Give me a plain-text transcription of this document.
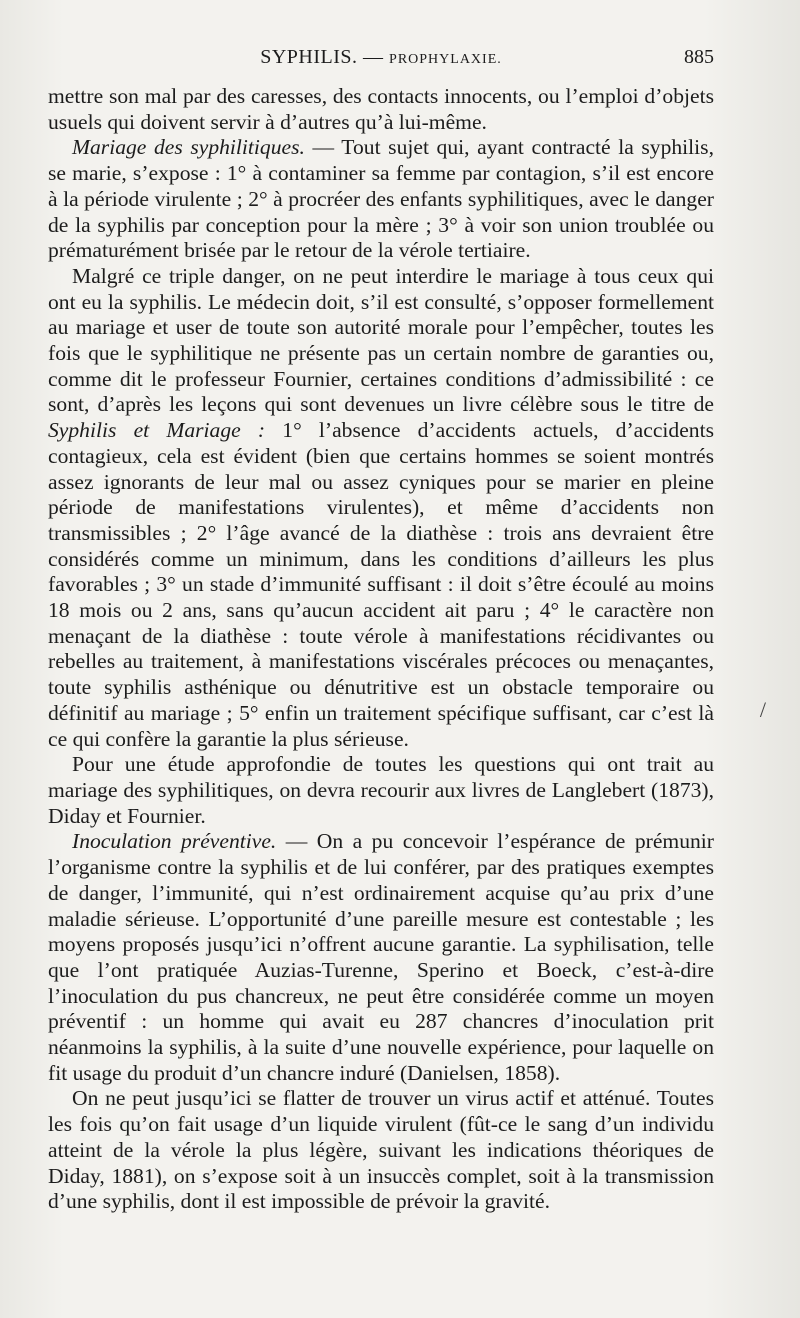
SYPHILIS. — PROPHYLAXIE.	885

mettre son mal par des caresses, des contacts innocents, ou l’emploi d’objets usuels qui doivent servir à d’autres qu’à lui-même.

Mariage des syphilitiques. — Tout sujet qui, ayant contracté la syphilis, se marie, s’expose : 1° à contaminer sa femme par contagion, s’il est encore à la période virulente ; 2° à procréer des enfants syphilitiques, avec le danger de la syphilis par conception pour la mère ; 3° à voir son union troublée ou prématurément brisée par le retour de la vérole tertiaire.

Malgré ce triple danger, on ne peut interdire le mariage à tous ceux qui ont eu la syphilis. Le médecin doit, s’il est consulté, s’opposer formellement au mariage et user de toute son autorité morale pour l’empêcher, toutes les fois que le syphilitique ne présente pas un certain nombre de garanties ou, comme dit le professeur Fournier, certaines conditions d’admissibilité : ce sont, d’après les leçons qui sont devenues un livre célèbre sous le titre de Syphilis et Mariage : 1° l’absence d’accidents actuels, d’accidents contagieux, cela est évident (bien que certains hommes se soient montrés assez ignorants de leur mal ou assez cyniques pour se marier en pleine période de manifestations virulentes), et même d’accidents non transmissibles ; 2° l’âge avancé de la diathèse : trois ans devraient être considérés comme un minimum, dans les conditions d’ailleurs les plus favorables ; 3° un stade d’immunité suffisant : il doit s’être écoulé au moins 18 mois ou 2 ans, sans qu’aucun accident ait paru ; 4° le caractère non menaçant de la diathèse : toute vérole à manifestations récidivantes ou rebelles au traitement, à manifestations viscérales précoces ou menaçantes, toute syphilis asthénique ou dénutritive est un obstacle temporaire ou définitif au mariage ; 5° enfin un traitement spécifique suffisant, car c’est là ce qui confère la garantie la plus sérieuse.

Pour une étude approfondie de toutes les questions qui ont trait au mariage des syphilitiques, on devra recourir aux livres de Langlebert (1873), Diday et Fournier.

Inoculation préventive. — On a pu concevoir l’espérance de prémunir l’organisme contre la syphilis et de lui conférer, par des pratiques exemptes de danger, l’immunité, qui n’est ordinairement acquise qu’au prix d’une maladie sérieuse. L’opportunité d’une pareille mesure est contestable ; les moyens proposés jusqu’ici n’offrent aucune garantie. La syphilisation, telle que l’ont pratiquée Auzias-Turenne, Sperino et Boeck, c’est-à-dire l’inoculation du pus chancreux, ne peut être considérée comme un moyen préventif : un homme qui avait eu 287 chancres d’inoculation prit néanmoins la syphilis, à la suite d’une nouvelle expérience, pour laquelle on fit usage du produit d’un chancre induré (Danielsen, 1858).

On ne peut jusqu’ici se flatter de trouver un virus actif et atténué. Toutes les fois qu’on fait usage d’un liquide virulent (fût-ce le sang d’un individu atteint de la vérole la plus légère, suivant les indications théoriques de Diday, 1881), on s’expose soit à un insuccès complet, soit à la transmission d’une syphilis, dont il est impossible de prévoir la gravité.

/
